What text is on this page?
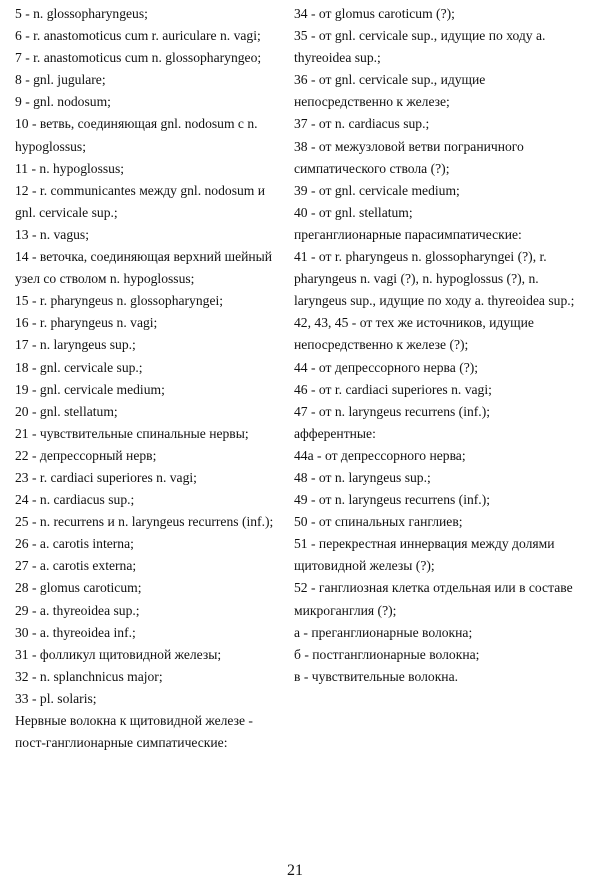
5 - n. glossopharyngeus;

6 - r. anastomoticus cum r. auriculare n. vagi;

7 - r. anastomoticus cum n. glossopharyngeo;

8 - gnl. jugulare;

9 - gnl. nodosum;

10 - ветвь, соединяющая gnl. nodosum с n. hypoglossus;

11 - n. hypoglossus;

12 - r. communicantes между gnl. nodosum и gnl. cervicale sup.;

13 - n. vagus;

14 - веточка, соединяющая верхний шейный узел со стволом n. hypoglossus;

15 - r. pharyngeus n. glossopharyngei;

16 - r. pharyngeus n. vagi;

17 - n. laryngeus sup.;

18 - gnl. cervicale sup.;

19 - gnl. cervicale medium;

20 - gnl. stellatum;

21 - чувствительные спинальные нервы;

22 - депрессорный нерв;

23 - r. cardiaci superiores n. vagi;

24 - n. cardiacus sup.;

25 - n. recurrens и n. laryngeus recurrens (inf.);

26 - a. carotis interna;

27 - a. carotis externa;

28 - glomus caroticum;

29 - a. thyreoidea sup.;

30 - a. thyreoidea inf.;

31 - фолликул щитовидной железы;

32 - n. splanchnicus major;

33 - pl. solaris;

Нервные волокна к щитовидной железе - пост-ганглионарные симпатические:

34 - от glomus caroticum (?);

35 - от gnl. cervicale sup., идущие по ходу a. thyreoidea sup.;

36 - от gnl. cervicale sup., идущие непосредственно к железе;

37 - от n. cardiacus sup.;

38 - от межузловой ветви пограничного симпатического ствола (?);

39 - от gnl. cervicale medium;

40 - от gnl. stellatum;

преганглионарные парасимпатические:

41 - от r. pharyngeus n. glossopharyngei (?), r. pharyngeus n. vagi (?), n. hypoglossus (?), n. laryngeus sup., идущие по ходу a. thyreoidea sup.;

42, 43, 45 - от тех же источников, идущие непосредственно к железе (?);

44 - от депрессорного нерва (?);

46 - от r. cardiaci superiores n. vagi;

47 - от n. laryngeus recurrens (inf.);

афферентные:

44а - от депрессорного нерва;

48 - от n. laryngeus sup.;

49 - от n. laryngeus recurrens (inf.);

50 - от спинальных ганглиев;

51 - перекрестная иннервация между долями щитовидной железы (?);

52 - ганглиозная клетка отдельная или в составе микроганглия (?);

а - преганглионарные волокна;

б - постганглионарные волокна;

в - чувствительные волокна.

21
